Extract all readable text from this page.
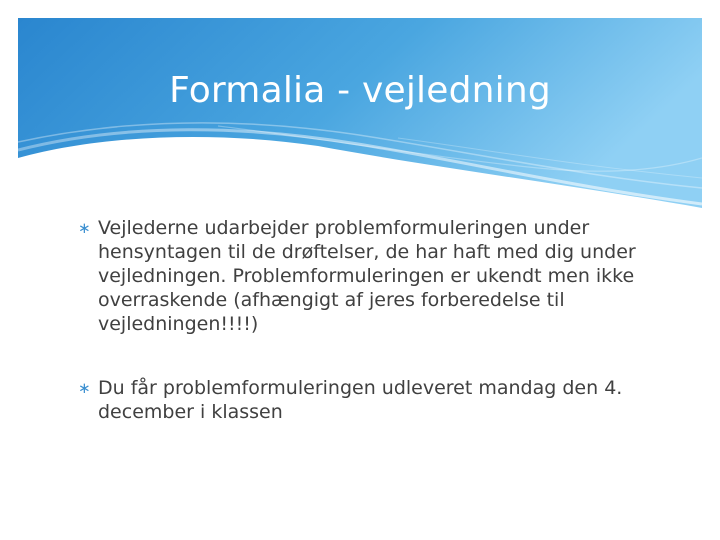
Formalia - vejledning
∗ Vejlederne udarbejder problemformuleringen under hensyntagen til de drøftelser, de har haft med dig under vejledningen. Problemformuleringen er ukendt men ikke overraskende (afhængigt af jeres forberedelse til vejledningen!!!!)
∗ Du får problemformuleringen udleveret mandag den 4. december i klassen
